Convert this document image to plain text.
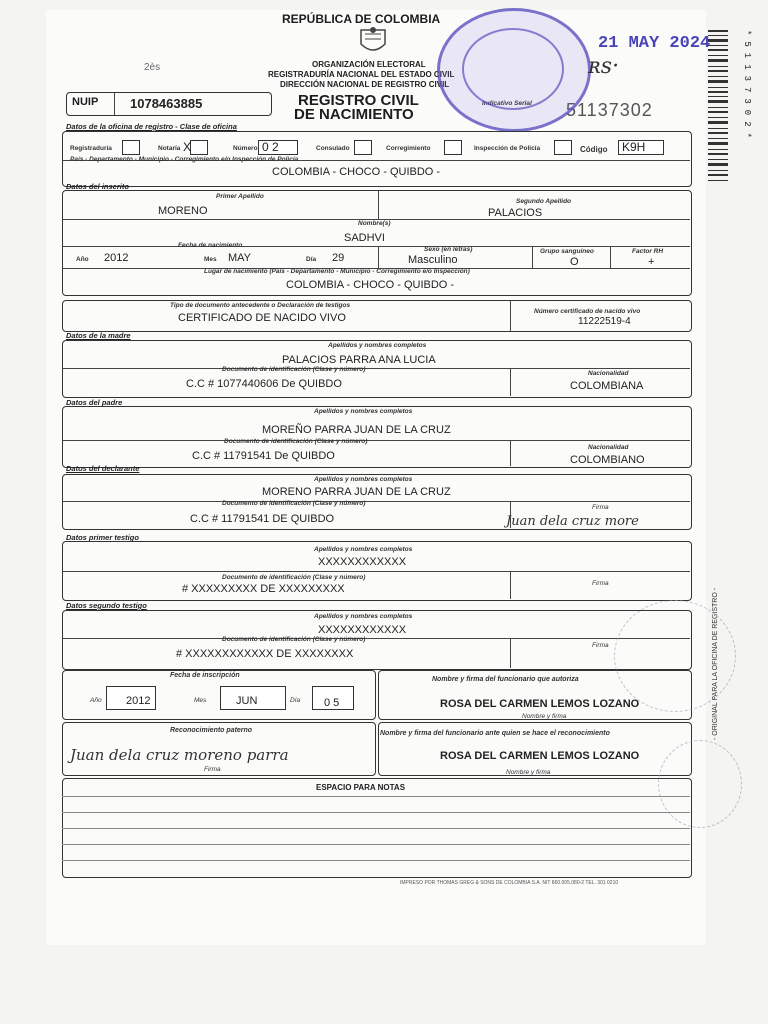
*51137302*
- ORIGINAL PARA LA OFICINA DE REGISTRO -
REPÚBLICA DE COLOMBIA
ORGANIZACIÓN ELECTORAL
REGISTRADURÍA NACIONAL DEL ESTADO CIVIL
DIRECCIÓN NACIONAL DE REGISTRO CIVIL
REGISTRO CIVIL
DE NACIMIENTO
Indicativo Serial 51137302
2ès
21 MAY 2024
ʀs·
NUIP 1078463885
Datos de la oficina de registro - Clase de oficina
Registraduría	Notaría X	Número 0 2	Consulado	Corregimiento	Inspección de Policía	Código K9H
País - Departamento - Municipio - Corregimiento e/o Inspección de Policía
COLOMBIA - CHOCO - QUIBDO -
Datos del inscrito
Primer Apellido
MORENO
Segundo Apellido
PALACIOS
Nombre(s)
SADHVI
Fecha de nacimiento
Año 2012	Mes MAY	Día 29
Sexo (en letras)
Masculino
Grupo sanguíneo
O
Factor RH
+
Lugar de nacimiento (País - Departamento - Municipio - Corregimiento e/o Inspección)
COLOMBIA - CHOCO - QUIBDO -
Tipo de documento antecedente o Declaración de testigos
CERTIFICADO DE NACIDO VIVO
Número certificado de nacido vivo
11222519-4
Datos de la madre
Apellidos y nombres completos
PALACIOS PARRA ANA LUCIA
Documento de identificación (Clase y número)
C.C # 1077440606 De QUIBDO
Nacionalidad
COLOMBIANA
Datos del padre
Apellidos y nombres completos
MOREÑO PARRA JUAN DE LA CRUZ
Documento de identificación (Clase y número)
C.C # 11791541 De QUIBDO
Nacionalidad
COLOMBIANO
Datos del declarante
Apellidos y nombres completos
MORENO PARRA JUAN DE LA CRUZ
Documento de identificación (Clase y número)
C.C # 11791541 DE QUIBDO
Firma
Juan dela cruz more
Datos primer testigo
Apellidos y nombres completos
XXXXXXXXXXXX
Documento de identificación (Clase y número)
# XXXXXXXXX DE XXXXXXXXX	Firma
Datos segundo testigo
Apellidos y nombres completos
XXXXXXXXXXXX
Documento de identificación (Clase y número)
# XXXXXXXXXXXX DE XXXXXXXX
Firma
Fecha de inscripción
Año 2012	Mes	JUN	Día 0 5
Nombre y firma del funcionario que autoriza
ROSA DEL CARMEN LEMOS LOZANO
Nombre y firma
Reconocimiento paterno
Juan dela cruz moreno parra
Firma
Nombre y firma del funcionario ante quien se hace el reconocimiento
ROSA DEL CARMEN LEMOS LOZANO
Nombre y firma
ESPACIO PARA NOTAS
IMPRESO POR THOMAS GREG & SONS DE COLOMBIA S.A. NIT 860.005.080-2 TEL. 301 0210
